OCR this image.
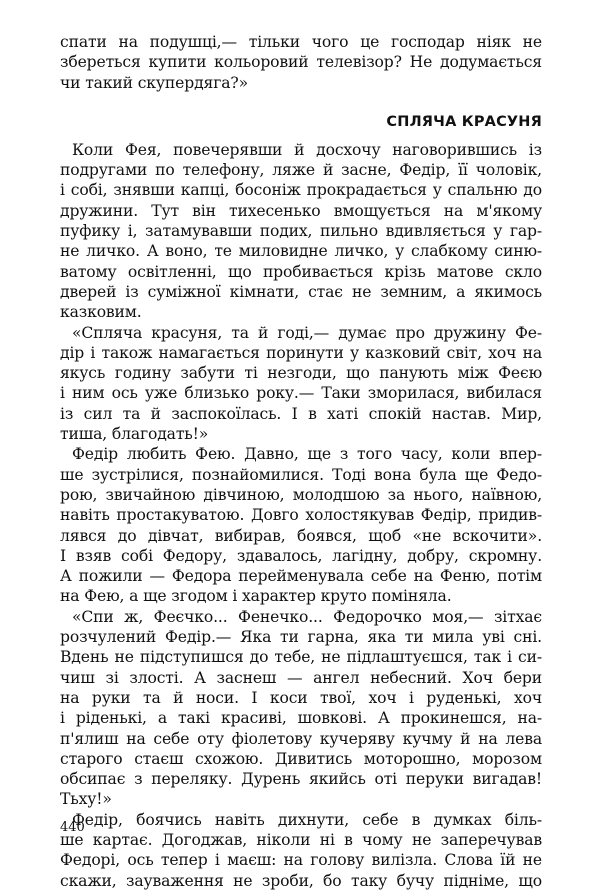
спати на подушці,— тільки чого це господар ніяк не
збереться купити кольоровий телевізор? Не додумається
чи такий скупердяга?»
СПЛЯЧА КРАСУНЯ
Коли Фея, повечерявши й досхочу наговорившись із
подругами по телефону, ляже й засне, Федір, її чоловік,
і собі, знявши капці, босоніж прокрадається у спальню до
дружини. Тут він тихесенько вмощується на м'якому
пуфику і, затамувавши подих, пильно вдивляється у гар-
не личко. А воно, те миловидне личко, у слабкому синю-
ватому освітленні, що пробивається крізь матове скло
дверей із суміжної кімнати, стає не земним, а якимось
казковим.
«Спляча красуня, та й годі,— думає про дружину Фе-
дір і також намагається поринути у казковий світ, хоч на
якусь годину забути ті незгоди, що панують між Феєю
і ним ось уже близько року.— Таки зморилася, вибилася
із сил та й заспокоїлась. І в хаті спокій настав. Мир,
тиша, благодать!»
Федір любить Фею. Давно, ще з того часу, коли впер-
ше зустрілися, познайомилися. Тоді вона була ще Федо-
рою, звичайною дівчиною, молодшою за нього, наївною,
навіть простакуватою. Довго холостякував Федір, придив-
лявся до дівчат, вибирав, боявся, щоб «не вскочити».
І взяв собі Федору, здавалось, лагідну, добру, скромну.
А пожили — Федора перейменувала себе на Феню, потім
на Фею, а ще згодом і характер круто поміняла.
«Спи ж, Феєчко... Фенечко... Федорочко моя,— зітхає
розчулений Федір.— Яка ти гарна, яка ти мила уві сні.
Вдень не підступишся до тебе, не підлаштуєшся, так і си-
чиш зі злості. А заснеш — ангел небесний. Хоч бери
на руки та й носи. І коси твої, хоч і руденькі, хоч
і ріденькі, а такі красиві, шовкові. А прокинешся, на-
п'ялиш на себе оту фіолетову кучеряву кучму й на лева
старого стаєш схожою. Дивитись моторошно, морозом
обсипає з переляку. Дурень якийсь оті перуки вигадав!
Тьху!»
Федір, боячись навіть дихнути, себе в думках біль-
ше картає. Догоджав, ніколи ні в чому не заперечував
Федорі, ось тепер і маєш: на голову вилізла. Слова їй не
скажи, зауваження не зроби, бо таку бучу підніме, що
440
